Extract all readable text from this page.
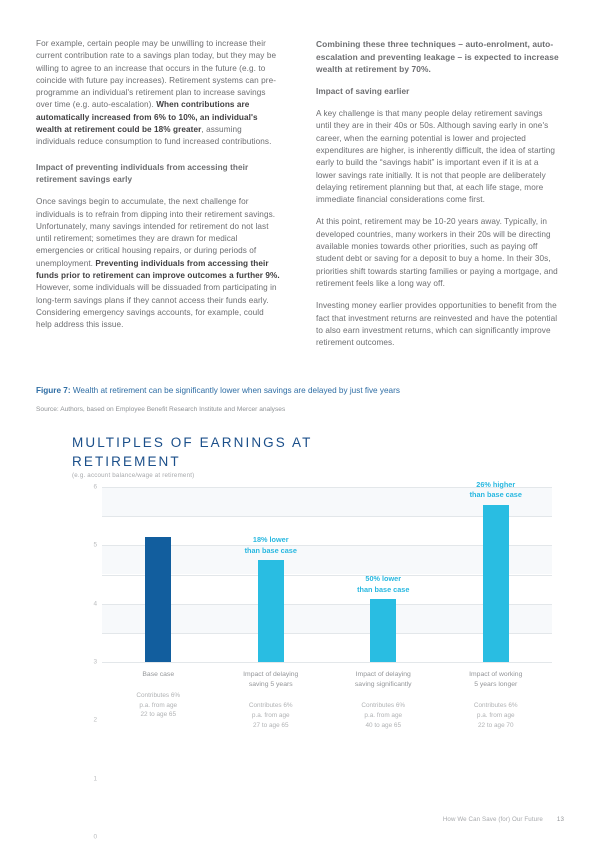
For example, certain people may be unwilling to increase their current contribution rate to a savings plan today, but they may be willing to agree to an increase that occurs in the future (e.g. to coincide with future pay increases). Retirement systems can pre-programme an individual's retirement plan to increase savings over time (e.g. auto-escalation). When contributions are automatically increased from 6% to 10%, an individual's wealth at retirement could be 18% greater, assuming individuals reduce consumption to fund increased contributions.

Impact of preventing individuals from accessing their retirement savings early

Once savings begin to accumulate, the next challenge for individuals is to refrain from dipping into their retirement savings. Unfortunately, many savings intended for retirement do not last until retirement; sometimes they are drawn for medical emergencies or critical housing repairs, or during periods of unemployment. Preventing individuals from accessing their funds prior to retirement can improve outcomes a further 9%. However, some individuals will be dissuaded from participating in long-term savings plans if they cannot access their funds early. Considering emergency savings accounts, for example, could help address this issue.

Combining these three techniques – auto-enrolment, auto-escalation and preventing leakage – is expected to increase wealth at retirement by 70%.

Impact of saving earlier

A key challenge is that many people delay retirement savings until they are in their 40s or 50s. Although saving early in one's career, when the earning potential is lower and projected expenditures are higher, is inherently difficult, the idea of starting early to build the “savings habit” is important even if it is at a lower savings rate initially. It is not that people are deliberately delaying retirement planning but that, at each life stage, more immediate financial considerations come first.

At this point, retirement may be 10-20 years away. Typically, in developed countries, many workers in their 20s will be directing available monies towards other priorities, such as paying off student debt or saving for a deposit to buy a home. In their 30s, priorities shift towards starting families or paying a mortgage, and retirement feels like a long way off.

Investing money earlier provides opportunities to benefit from the fact that investment returns are reinvested and have the potential to also earn investment returns, which can significantly improve retirement outcomes.

Figure 7: Wealth at retirement can be significantly lower when savings are delayed by just five years
Source: Authors, based on Employee Benefit Research Institute and Mercer analyses
MULTIPLES OF EARNINGS AT RETIREMENT
(e.g. account balance/wage at retirement)
6
5
4
3
2
1
0
18% lower
than base case
50% lower
than base case
26% higher
than base case
Base case
Contributes 6%
p.a. from age
22 to age 65
Impact of delaying
saving 5 years
Contributes 6%
p.a. from age
27 to age 65
Impact of delaying
saving significantly
Contributes 6%
p.a. from age
40 to age 65
Impact of working
5 years longer
Contributes 6%
p.a. from age
22 to age 70
How We Can Save (for) Our Future 13
